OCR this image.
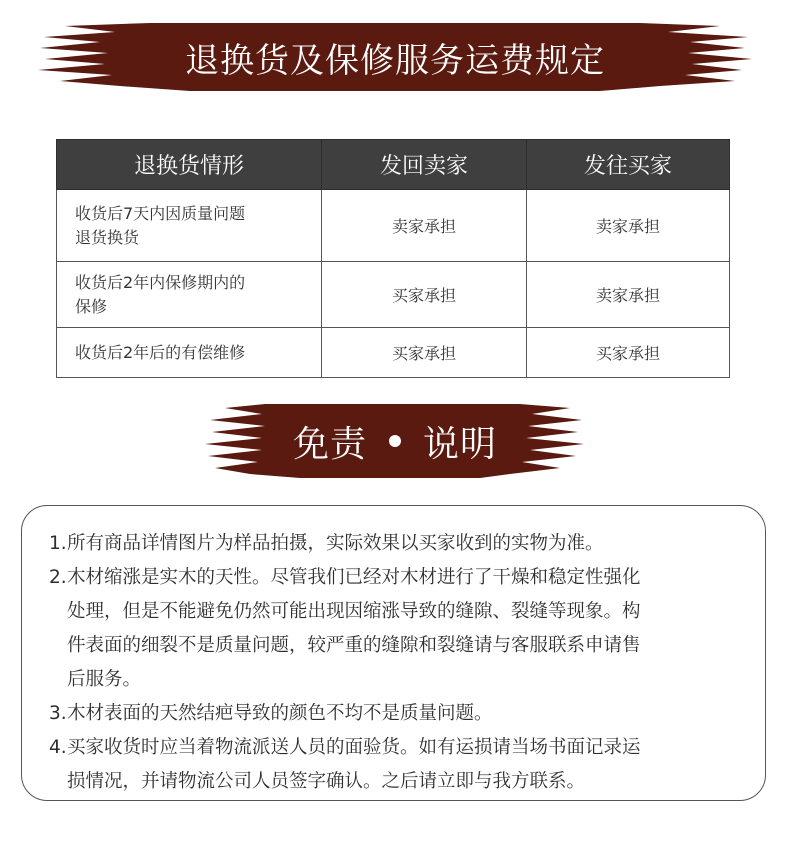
退换货及保修服务运费规定
退换货情形	发回卖家	发往买家

收货后7天内因质量问题
退货换货	卖家承担	卖家承担

收货后2年内保修期内的
保修	买家承担	卖家承担

收货后2年后的有偿维修	买家承担	买家承担
免责 说明
1. 所有商品详情图片为样品拍摄，实际效果以买家收到的实物为准。
2. 木材缩涨是实木的天性。尽管我们已经对木材进行了干燥和稳定性强化
处理，但是不能避免仍然可能出现因缩涨导致的缝隙、裂缝等现象。构
件表面的细裂不是质量问题，较严重的缝隙和裂缝请与客服联系申请售
后服务。
3. 木材表面的天然结疤导致的颜色不均不是质量问题。
4. 买家收货时应当着物流派送人员的面验货。如有运损请当场书面记录运
损情况，并请物流公司人员签字确认。之后请立即与我方联系。
